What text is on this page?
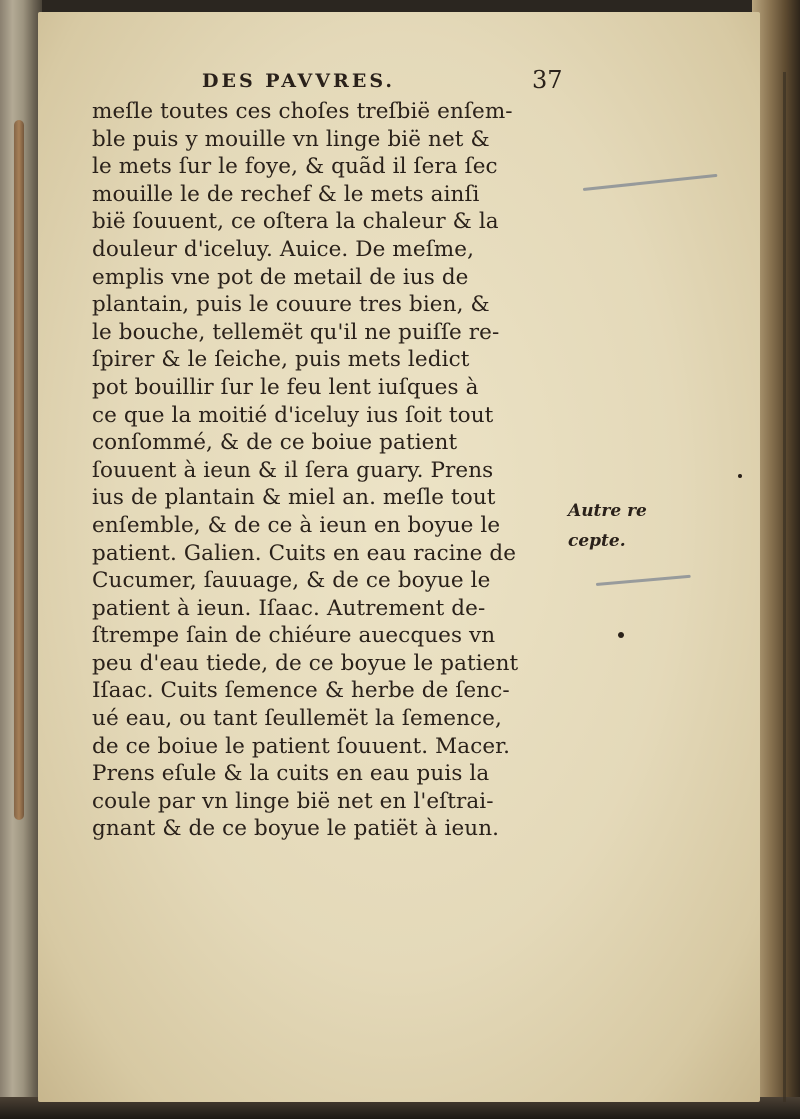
DES PAVVRES.	37
meſle toutes ces choſes treſbië enſem-
ble puis y mouille vn linge bië net &
le mets ſur le foye, & quãd il ſera ſec
mouille le de rechef & le mets ainſi
bië ſouuent, ce oſtera la chaleur & la
douleur d'iceluy. Auice. De meſme,
emplis vne pot de metail de ius de
plantain, puis le couure tres bien, &
le bouche, tellemët qu'il ne puiſſe re-
ſpirer & le ſeiche, puis mets ledict
pot bouillir ſur le feu lent iuſques à
ce que la moitié d'iceluy ius ſoit tout
conſommé, & de ce boiue patient
ſouuent à ieun & il ſera guary. Prens
ius de plantain & miel an. meſle tout
enſemble, & de ce à ieun en boyue le
patient. Galien. Cuits en eau racine de
Cucumer, ſauuage, & de ce boyue le
patient à ieun. Iſaac. Autrement de-
ſtrempe ſain de chiéure auecques vn
peu d'eau tiede, de ce boyue le patient
Iſaac. Cuits ſemence & herbe de ſenc-
ué eau, ou tant ſeullemët la ſemence,
de ce boiue le patient ſouuent. Macer.
Prens eſule & la cuits en eau puis la
coule par vn linge bië net en l'eſtrai-
gnant & de ce boyue le patiët à ieun.
Autre re
cepte.
